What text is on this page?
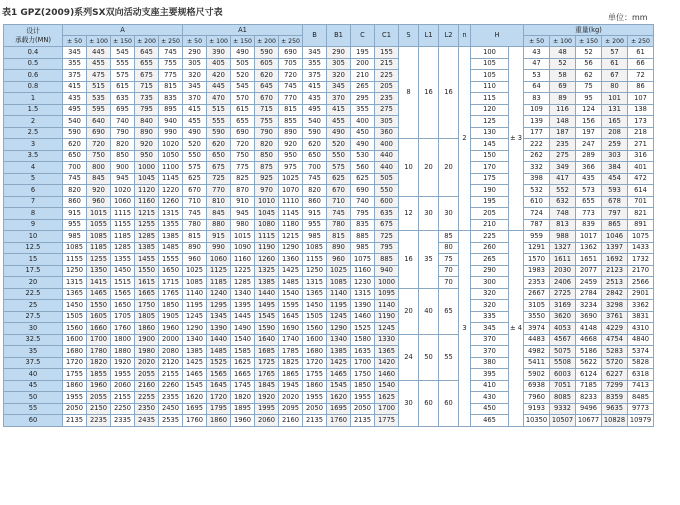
表1 GPZ(2009)系列SX双向活动支座主要规格尺寸表	单位：mm
设计
承载力(MN)	A					A1					B	B1	C	C1	S	L1	L2	n	H		重量(kg)				
	± 50	± 100	± 150	± 200	± 250	± 50	± 100	± 150	± 200	± 250											± 50	± 100	± 150	± 200	± 250
0.4	345	445	545	645	745	290	390	490	590	690	345	290	195	155	8	16	16	2	100	± 3	43	48	52	57	61
0.5	355	455	555	655	755	305	405	505	605	705	355	305	200	215					105		47	52	56	61	66
0.6	375	475	575	675	775	320	420	520	620	720	375	320	210	225					105		53	58	62	67	72
0.8	415	515	615	715	815	345	445	545	645	745	415	345	265	205					110		64	69	75	80	86
1	435	535	635	735	835	370	470	570	670	770	435	370	295	235					115		83	89	95	101	107
1.5	495	595	695	795	895	415	515	615	715	815	495	415	355	275					120		109	116	124	131	138
2	540	640	740	840	940	455	555	655	755	855	540	455	400	305					125		139	148	156	165	173
2.5	590	690	790	890	990	490	590	690	790	890	590	490	450	360					130		177	187	197	208	218
3	620	720	820	920	1020	520	620	720	820	920	620	520	490	400	10	20	20		145		222	235	247	259	271
3.5	650	750	850	950	1050	550	650	750	850	950	650	550	530	440					150		262	275	289	303	316
4	700	800	900	1000	1100	575	675	775	875	975	700	575	560	440					170		332	349	366	384	401
5	745	845	945	1045	1145	625	725	825	925	1025	745	625	625	505					175		398	417	435	454	472
6	820	920	1020	1120	1220	670	770	870	970	1070	820	670	690	550					190		532	552	573	593	614
7	860	960	1060	1160	1260	710	810	910	1010	1110	860	710	740	600	12	30	30		195		610	632	655	678	701
8	915	1015	1115	1215	1315	745	845	945	1045	1145	915	745	795	635					205		724	748	773	797	821
9	955	1055	1155	1255	1355	780	880	980	1080	1180	955	780	835	675					210		787	813	839	865	891
10	985	1085	1185	1285	1385	815	915	1015	1115	1215	985	815	885	725	16	35	85	3	225	± 4	959	988	1017	1046	1075
12.5	1085	1185	1285	1385	1485	890	990	1090	1190	1290	1085	890	985	795			80		260		1291	1327	1362	1397	1433
15	1155	1255	1355	1455	1555	960	1060	1160	1260	1360	1155	960	1075	885			75		265		1570	1611	1651	1692	1732
17.5	1250	1350	1450	1550	1650	1025	1125	1225	1325	1425	1250	1025	1160	940			70		290		1983	2030	2077	2123	2170
20	1315	1415	1515	1615	1715	1085	1185	1285	1385	1485	1315	1085	1230	1000			70		300		2353	2406	2459	2513	2566
22.5	1365	1465	1565	1665	1765	1140	1240	1340	1440	1540	1365	1140	1315	1095	20	40	65		320		2667	2725	2784	2842	2901
25	1450	1550	1650	1750	1850	1195	1295	1395	1495	1595	1450	1195	1390	1140					320		3105	3169	3234	3298	3362
27.5	1505	1605	1705	1805	1905	1245	1345	1445	1545	1645	1505	1245	1460	1190					335		3550	3620	3690	3761	3831
30	1560	1660	1760	1860	1960	1290	1390	1490	1590	1690	1560	1290	1525	1245					345		3974	4053	4148	4229	4310
32.5	1600	1700	1800	1900	2000	1340	1440	1540	1640	1740	1600	1340	1580	1330	24	50	55		370		4483	4567	4668	4754	4840
35	1680	1780	1880	1980	2080	1385	1485	1585	1685	1785	1680	1385	1635	1365					370		4982	5075	5186	5283	5374
37.5	1720	1820	1920	2020	2120	1425	1525	1625	1725	1825	1720	1425	1700	1420					380		5411	5508	5622	5720	5828
40	1755	1855	1955	2055	2155	1465	1565	1665	1765	1865	1755	1465	1750	1460					395		5902	6003	6124	6227	6318
45	1860	1960	2060	2160	2260	1545	1645	1745	1845	1945	1860	1545	1850	1540	30	60	60		410		6938	7051	7185	7299	7413
50	1955	2055	2155	2255	2355	1620	1720	1820	1920	2020	1955	1620	1955	1625					430		7960	8085	8233	8359	8485
55	2050	2150	2250	2350	2450	1695	1795	1895	1995	2095	2050	1695	2050	1700					450		9193	9332	9496	9635	9773
60	2135	2235	2335	2435	2535	1760	1860	1960	2060	2160	2135	1760	2135	1775					465		10350	10507	10677	10828	10979
